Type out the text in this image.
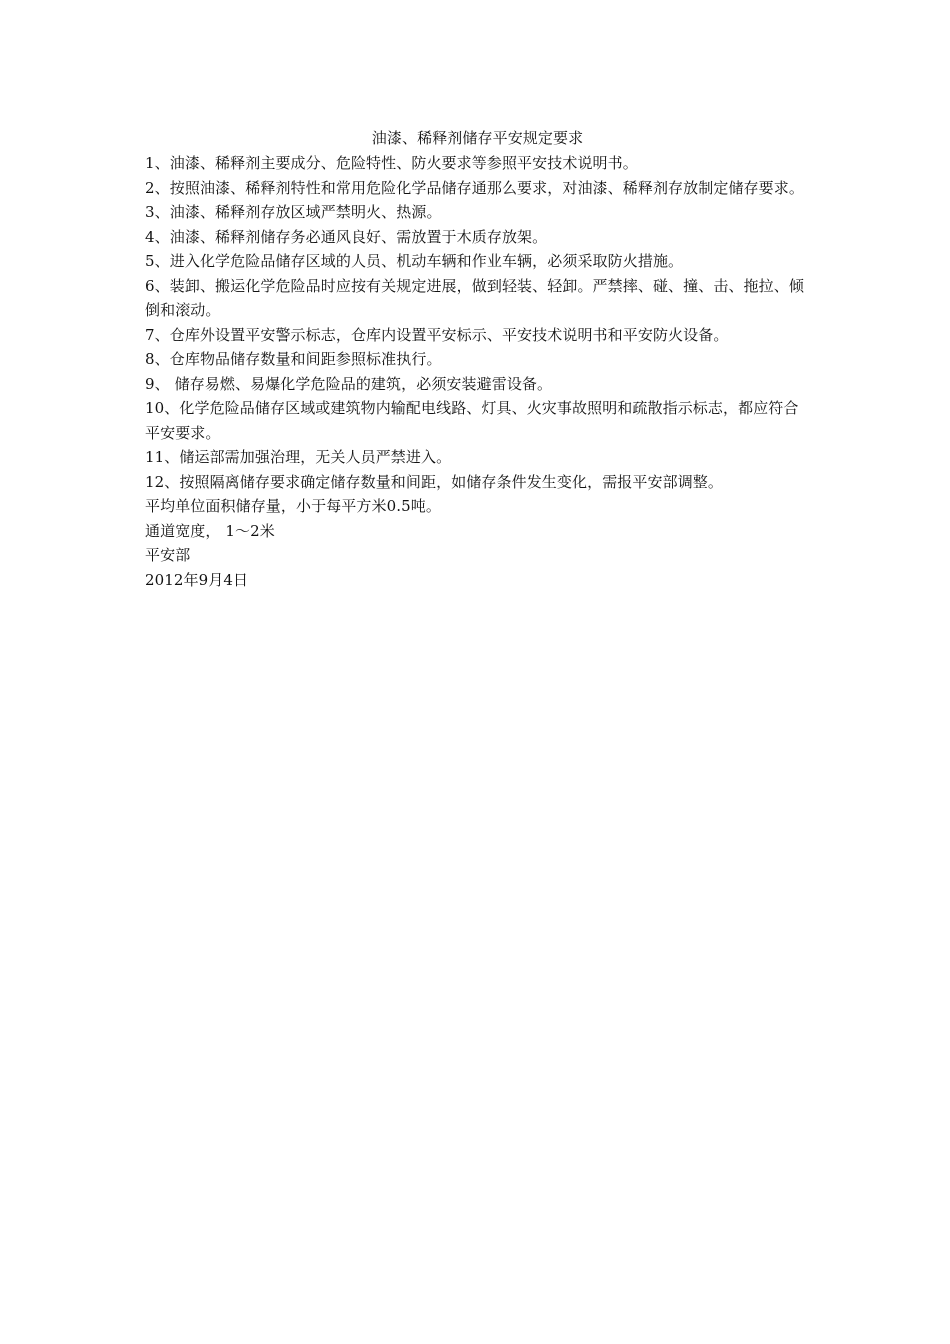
油漆、稀释剂储存平安规定要求
1、油漆、稀释剂主要成分、危险特性、防火要求等参照平安技术说明书。
2、按照油漆、稀释剂特性和常用危险化学品储存通那么要求，对油漆、稀释剂存放制定储存要求。
3、油漆、稀释剂存放区域严禁明火、热源。
4、油漆、稀释剂储存务必通风良好、需放置于木质存放架。
5、进入化学危险品储存区域的人员、机动车辆和作业车辆，必须采取防火措施。
6、装卸、搬运化学危险品时应按有关规定进展，做到轻装、轻卸。严禁摔、碰、撞、击、拖拉、倾倒和滚动。
7、仓库外设置平安警示标志，仓库内设置平安标示、平安技术说明书和平安防火设备。
8、仓库物品储存数量和间距参照标准执行。
9、 储存易燃、易爆化学危险品的建筑，必须安装避雷设备。
10、化学危险品储存区域或建筑物内输配电线路、灯具、火灾事故照明和疏散指示标志，都应符合平安要求。
11、储运部需加强治理，无关人员严禁进入。
12、按照隔离储存要求确定储存数量和间距，如储存条件发生变化，需报平安部调整。

平均单位面积储存量，小于每平方米0.5吨。

通道宽度， 1～2米

平安部

2012年9月4日
